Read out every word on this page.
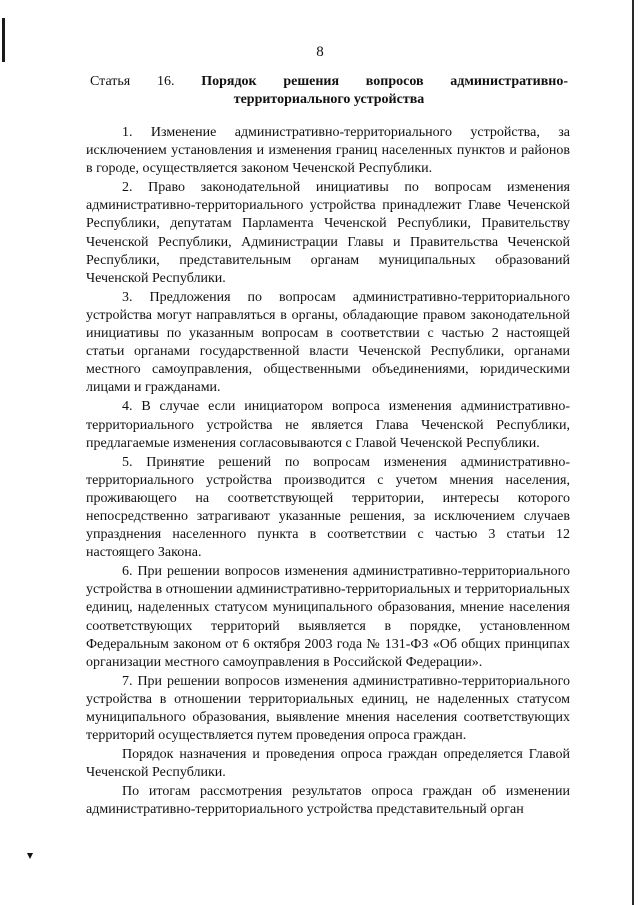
8
Статья 16. Порядок решения вопросов административно-
территориального устройства

1. Изменение административно-территориального устройства, за исключением установления и изменения границ населенных пунктов и районов в городе, осуществляется законом Чеченской Республики.

2. Право законодательной инициативы по вопросам изменения административно-территориального устройства принадлежит Главе Чеченской Республики, депутатам Парламента Чеченской Республики, Правительству Чеченской Республики, Администрации Главы и Правительства Чеченской Республики, представительным органам муниципальных образований Чеченской Республики.

3. Предложения по вопросам административно-территориального устройства могут направляться в органы, обладающие правом законодательной инициативы по указанным вопросам в соответствии с частью 2 настоящей статьи органами государственной власти Чеченской Республики, органами местного самоуправления, общественными объединениями, юридическими лицами и гражданами.

4. В случае если инициатором вопроса изменения административно-территориального устройства не является Глава Чеченской Республики, предлагаемые изменения согласовываются с Главой Чеченской Республики.

5. Принятие решений по вопросам изменения административно-территориального устройства производится с учетом мнения населения, проживающего на соответствующей территории, интересы которого непосредственно затрагивают указанные решения, за исключением случаев упразднения населенного пункта в соответствии с частью 3 статьи 12 настоящего Закона.

6. При решении вопросов изменения административно-территориального устройства в отношении административно-территориальных и территориальных единиц, наделенных статусом муниципального образования, мнение населения соответствующих территорий выявляется в порядке, установленном Федеральным законом от 6 октября 2003 года № 131-ФЗ «Об общих принципах организации местного самоуправления в Российской Федерации».

7. При решении вопросов изменения административно-территориального устройства в отношении территориальных единиц, не наделенных статусом муниципального образования, выявление мнения населения соответствующих территорий осуществляется путем проведения опроса граждан.

Порядок назначения и проведения опроса граждан определяется Главой Чеченской Республики.

По итогам рассмотрения результатов опроса граждан об изменении административно-территориального устройства представительный орган
